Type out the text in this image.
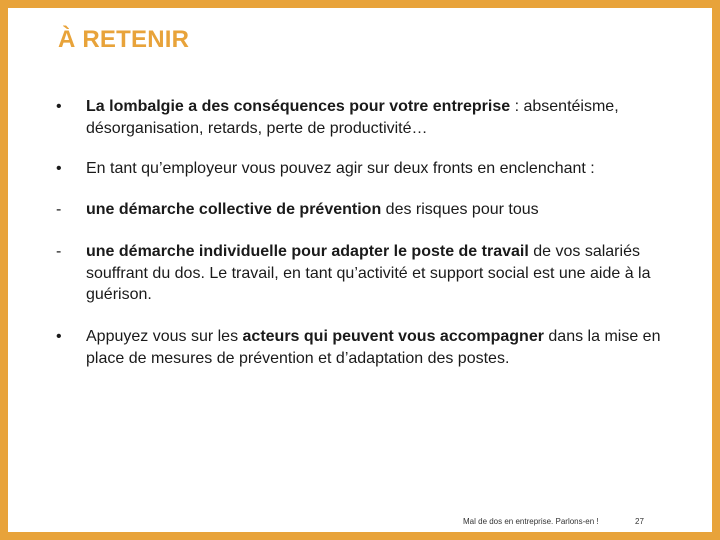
À RETENIR
•	La lombalgie a des conséquences pour votre entreprise : absentéisme, désorganisation, retards, perte de productivité…
•	En tant qu’employeur vous pouvez agir sur deux fronts en enclenchant :
-	une démarche collective de prévention des risques pour tous
-	une démarche individuelle pour adapter le poste de travail de vos salariés souffrant du dos. Le travail, en tant qu’activité et support social est une aide à la guérison.
•	Appuyez vous sur les acteurs qui peuvent vous accompagner dans la mise en place de mesures de prévention et d’adaptation des postes.
Mal de dos en entreprise. Parlons-en !	27
